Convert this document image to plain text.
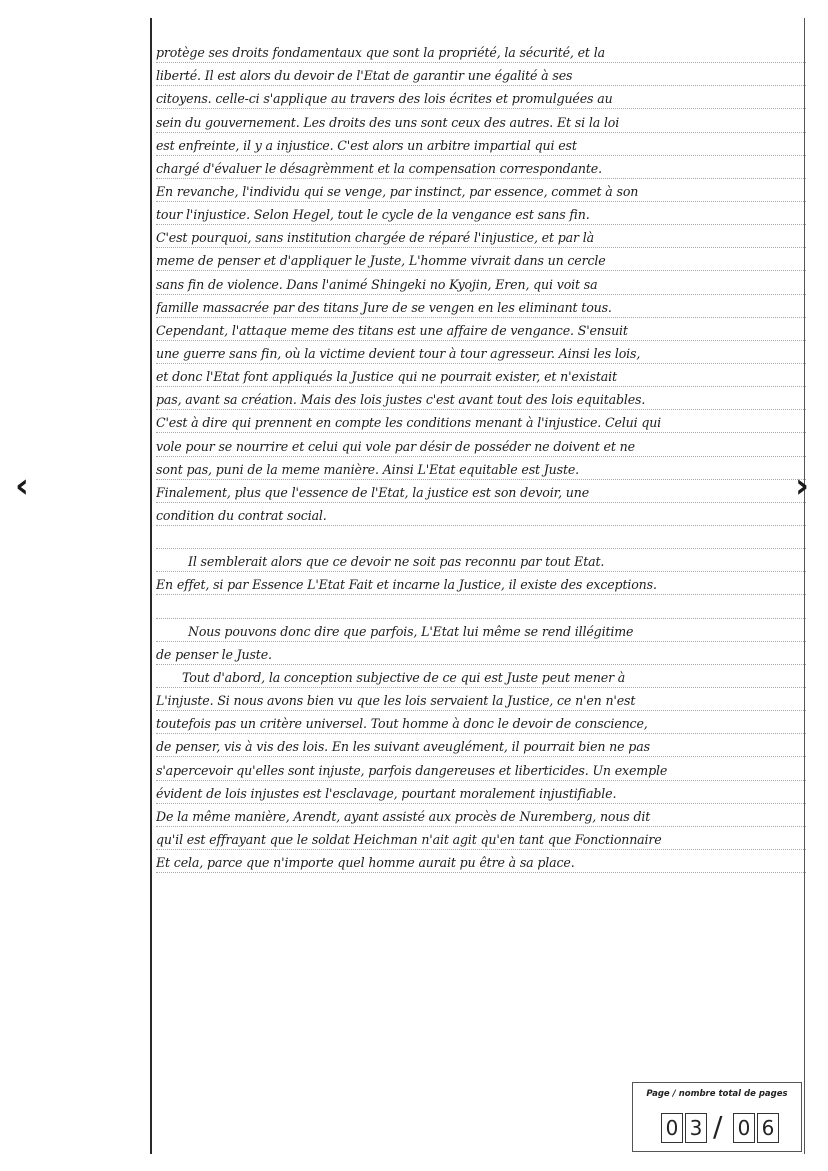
‹	›
protège ses droits fondamentaux que sont la propriété, la sécurité, et la
liberté. Il est alors du devoir de l'Etat de garantir une égalité à ses
citoyens. celle-ci s'applique au travers des lois écrites et promulguées au
sein du gouvernement. Les droits des uns sont ceux des autres. Et si la loi
est enfreinte, il y a injustice. C'est alors un arbitre impartial qui est
chargé d'évaluer le désagrèmment et la compensation correspondante.
En revanche, l'individu qui se venge, par instinct, par essence, commet à son
tour l'injustice. Selon Hegel, tout le cycle de la vengance est sans fin.
C'est pourquoi, sans institution chargée de réparé l'injustice, et par là
meme de penser et d'appliquer le Juste, L'homme vivrait dans un cercle
sans fin de violence. Dans l'animé Shingeki no Kyojin, Eren, qui voit sa
famille massacrée par des titans Jure de se vengen en les eliminant tous.
Cependant, l'attaque meme des titans est une affaire de vengance. S'ensuit
une guerre sans fin, où la victime devient tour à tour agresseur. Ainsi les lois,
et donc l'Etat font appliqués la Justice qui ne pourrait exister, et n'existait
pas, avant sa création. Mais des lois justes c'est avant tout des lois equitables.
C'est à dire qui prennent en compte les conditions menant à l'injustice. Celui qui
vole pour se nourrire et celui qui vole par désir de posséder ne doivent et ne
sont pas, puni de la meme manière. Ainsi L'Etat equitable est Juste.
Finalement, plus que l'essence de l'Etat, la justice est son devoir, une
condition du contrat social.
Il semblerait alors que ce devoir ne soit pas reconnu par tout Etat.
En effet, si par Essence L'Etat Fait et incarne la Justice, il existe des exceptions.
Nous pouvons donc dire que parfois, L'Etat lui même se rend illégitime
de penser le Juste.
Tout d'abord, la conception subjective de ce qui est Juste peut mener à
L'injuste. Si nous avons bien vu que les lois servaient la Justice, ce n'en n'est
toutefois pas un critère universel. Tout homme à donc le devoir de conscience,
de penser, vis à vis des lois. En les suivant aveuglément, il pourrait bien ne pas
s'apercevoir qu'elles sont injuste, parfois dangereuses et liberticides. Un exemple
évident de lois injustes est l'esclavage, pourtant moralement injustifiable.
De la même manière, Arendt, ayant assisté aux procès de Nuremberg, nous dit
qu'il est effrayant que le soldat Heichman n'ait agit qu'en tant que Fonctionnaire
Et cela, parce que n'importe quel homme aurait pu être à sa place.
Page / nombre total de pages
0 3 / 0 6
